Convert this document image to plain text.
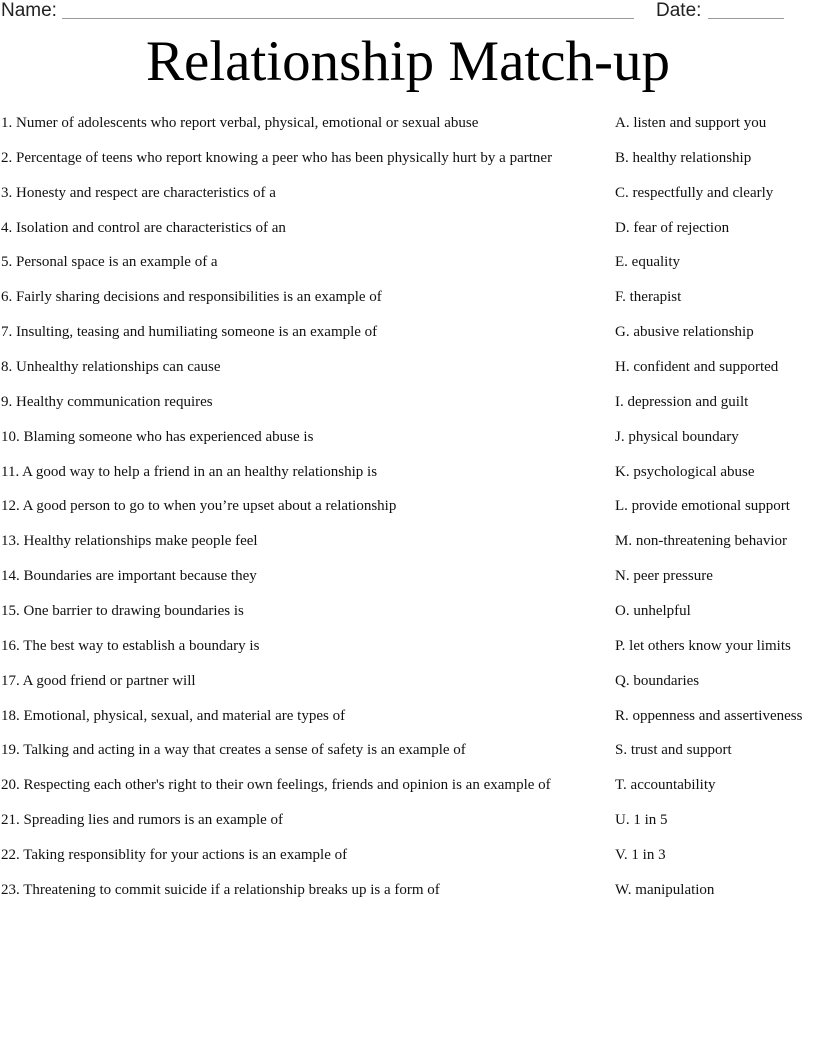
Name:	Date:
Relationship Match-up
1. Numer of adolescents who report verbal, physical, emotional or sexual abuse
2. Percentage of teens who report knowing a peer who has been physically hurt by a partner
3. Honesty and respect are characteristics of a
4. Isolation and control are characteristics of an
5. Personal space is an example of a
6. Fairly sharing decisions and responsibilities is an example of
7. Insulting, teasing and humiliating someone is an example of
8. Unhealthy relationships can cause
9. Healthy communication requires
10. Blaming someone who has experienced abuse is
11. A good way to help a friend in an an healthy relationship is
12. A good person to go to when you’re upset about a relationship
13. Healthy relationships make people feel
14. Boundaries are important because they
15. One barrier to drawing boundaries is
16. The best way to establish a boundary is
17. A good friend or partner will
18. Emotional, physical, sexual, and material are types of
19. Talking and acting in a way that creates a sense of safety is an example of
20. Respecting each other's right to their own feelings, friends and opinion is an example of
21. Spreading lies and rumors is an example of
22. Taking responsiblity for your actions is an example of
23. Threatening to commit suicide if a relationship breaks up is a form of
A. listen and support you
B. healthy relationship
C. respectfully and clearly
D. fear of rejection
E. equality
F. therapist
G. abusive relationship
H. confident and supported
I. depression and guilt
J. physical boundary
K. psychological abuse
L. provide emotional support
M. non-threatening behavior
N. peer pressure
O. unhelpful
P. let others know your limits
Q. boundaries
R. oppenness and assertiveness
S. trust and support
T. accountability
U. 1 in 5
V. 1 in 3
W. manipulation
